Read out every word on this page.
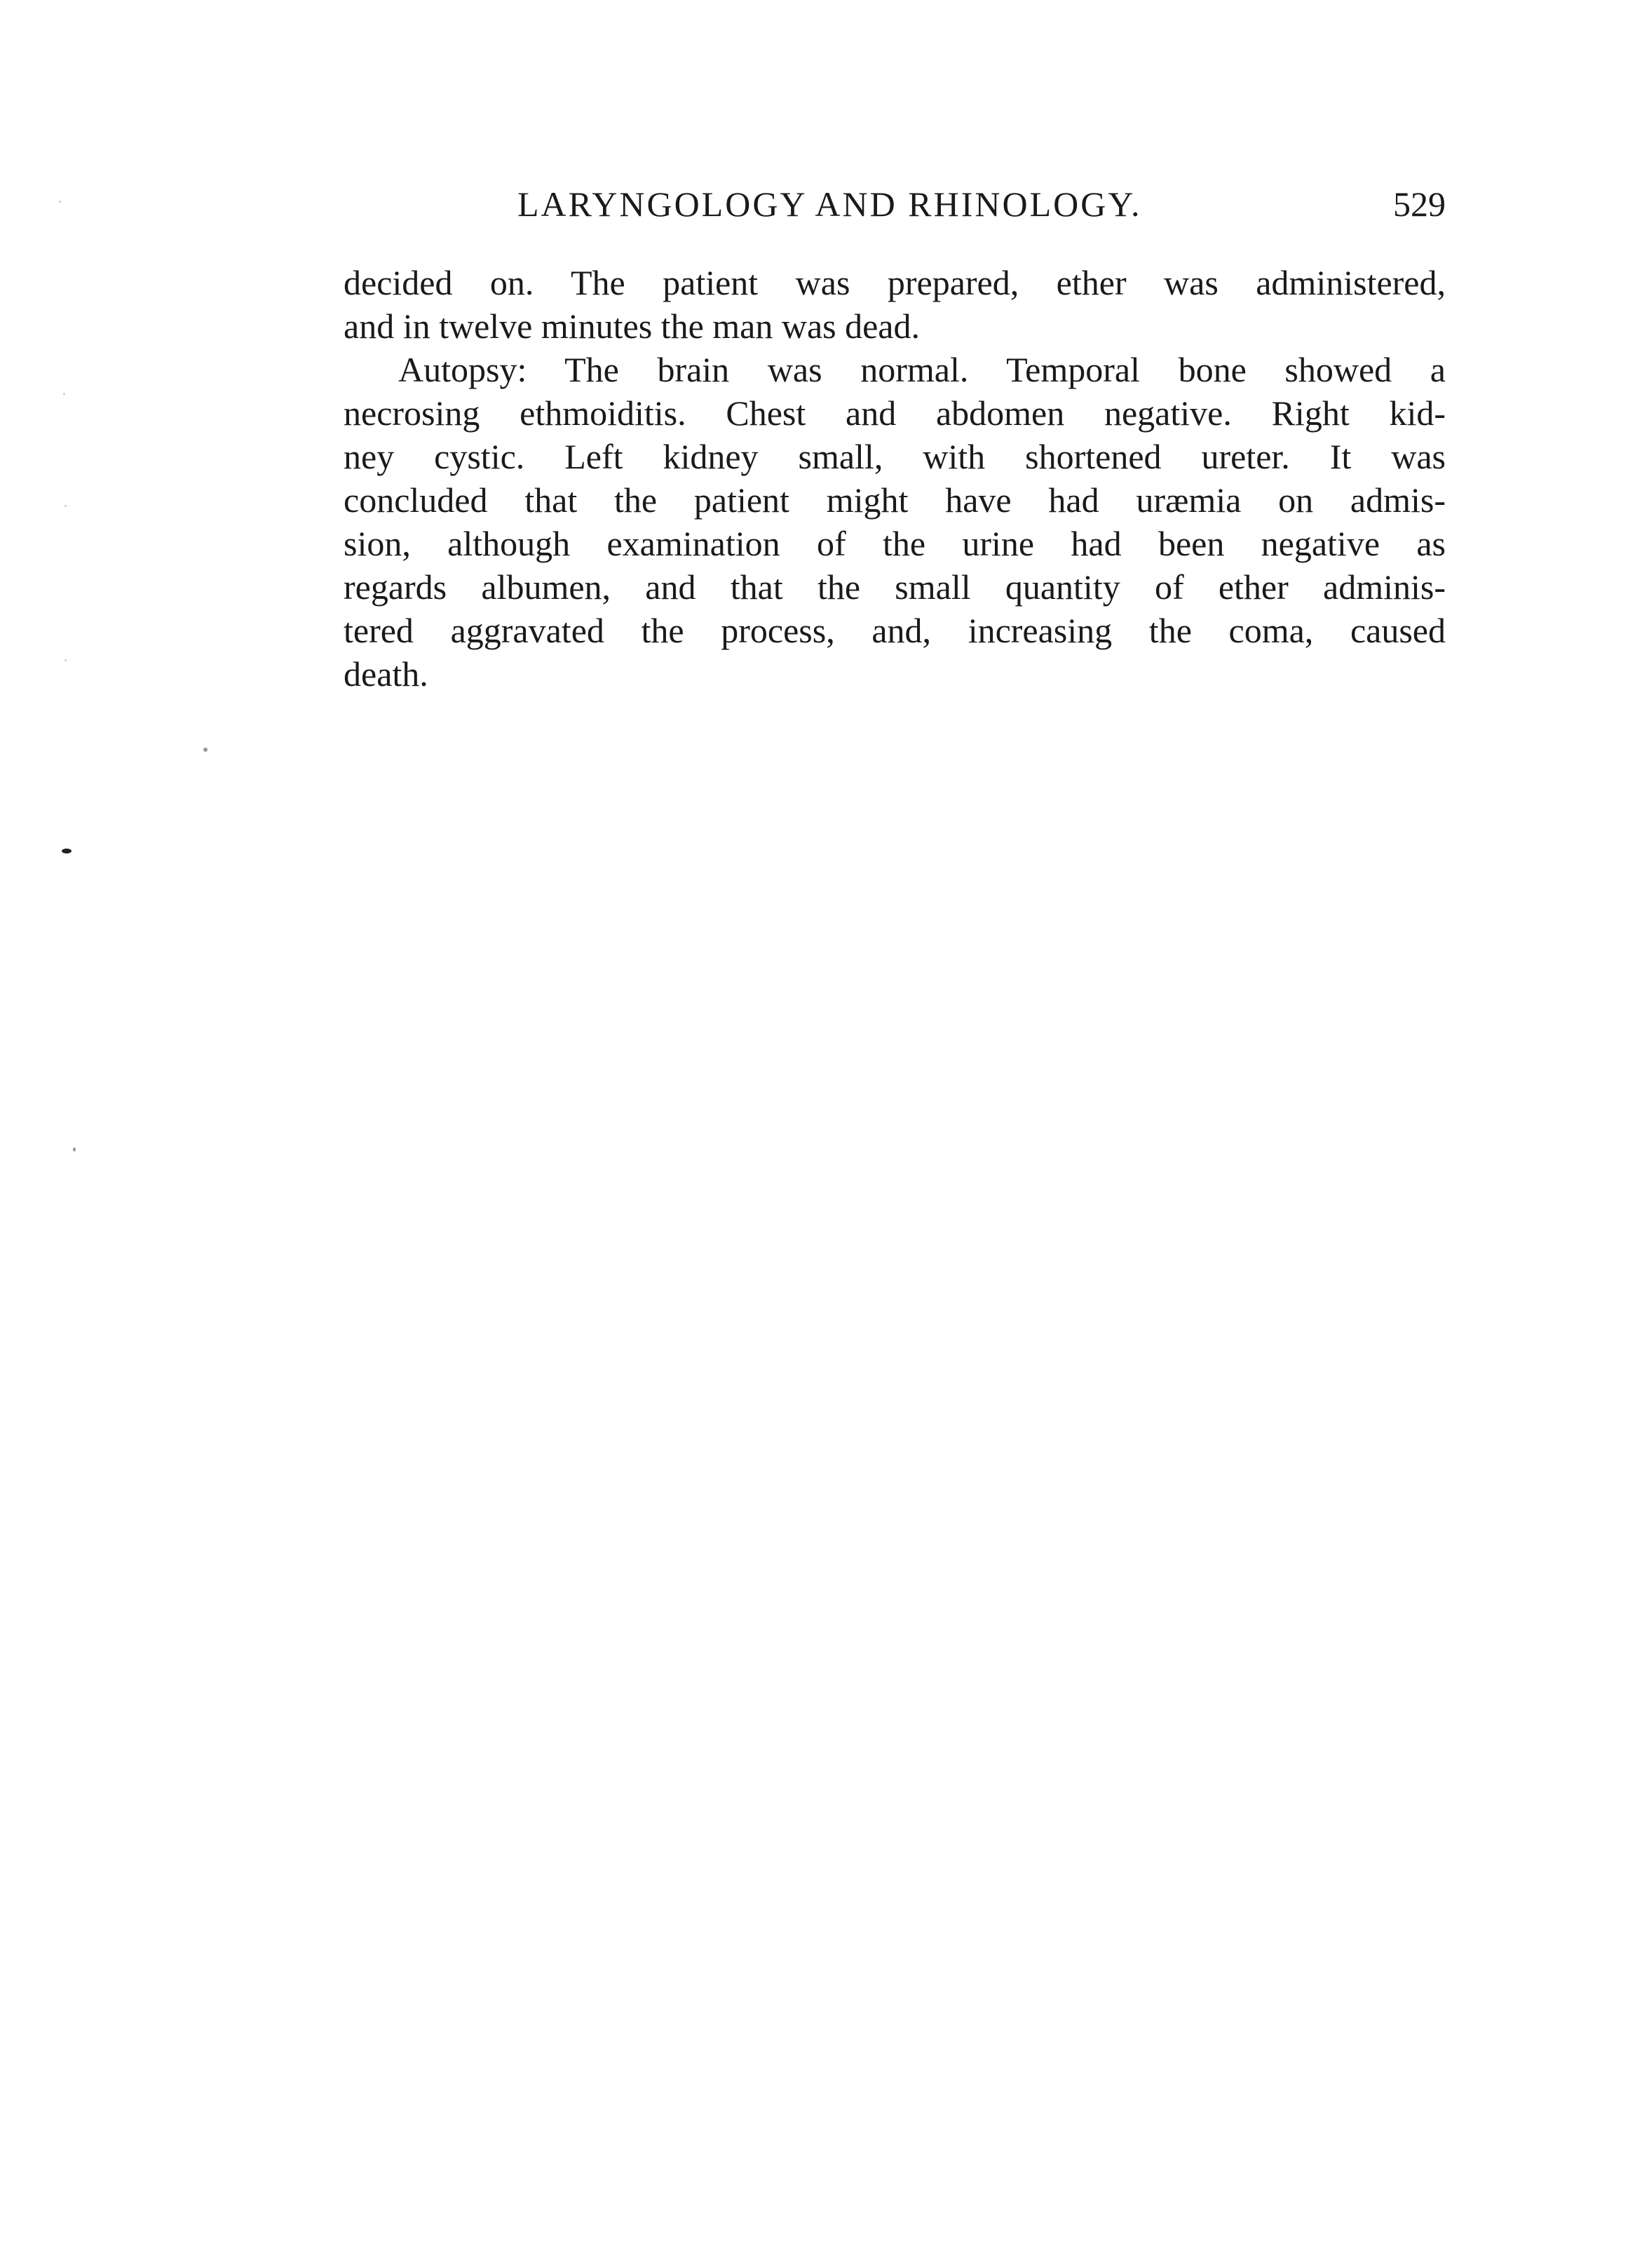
LARYNGOLOGY AND RHINOLOGY.	529
decided on. The patient was prepared, ether was administered,
and in twelve minutes the man was dead.
Autopsy: The brain was normal. Temporal bone showed a
necrosing ethmoiditis. Chest and abdomen negative. Right kid-
ney cystic. Left kidney small, with shortened ureter. It was
concluded that the patient might have had uræmia on admis-
sion, although examination of the urine had been negative as
regards albumen, and that the small quantity of ether adminis-
tered aggravated the process, and, increasing the coma, caused
death.
